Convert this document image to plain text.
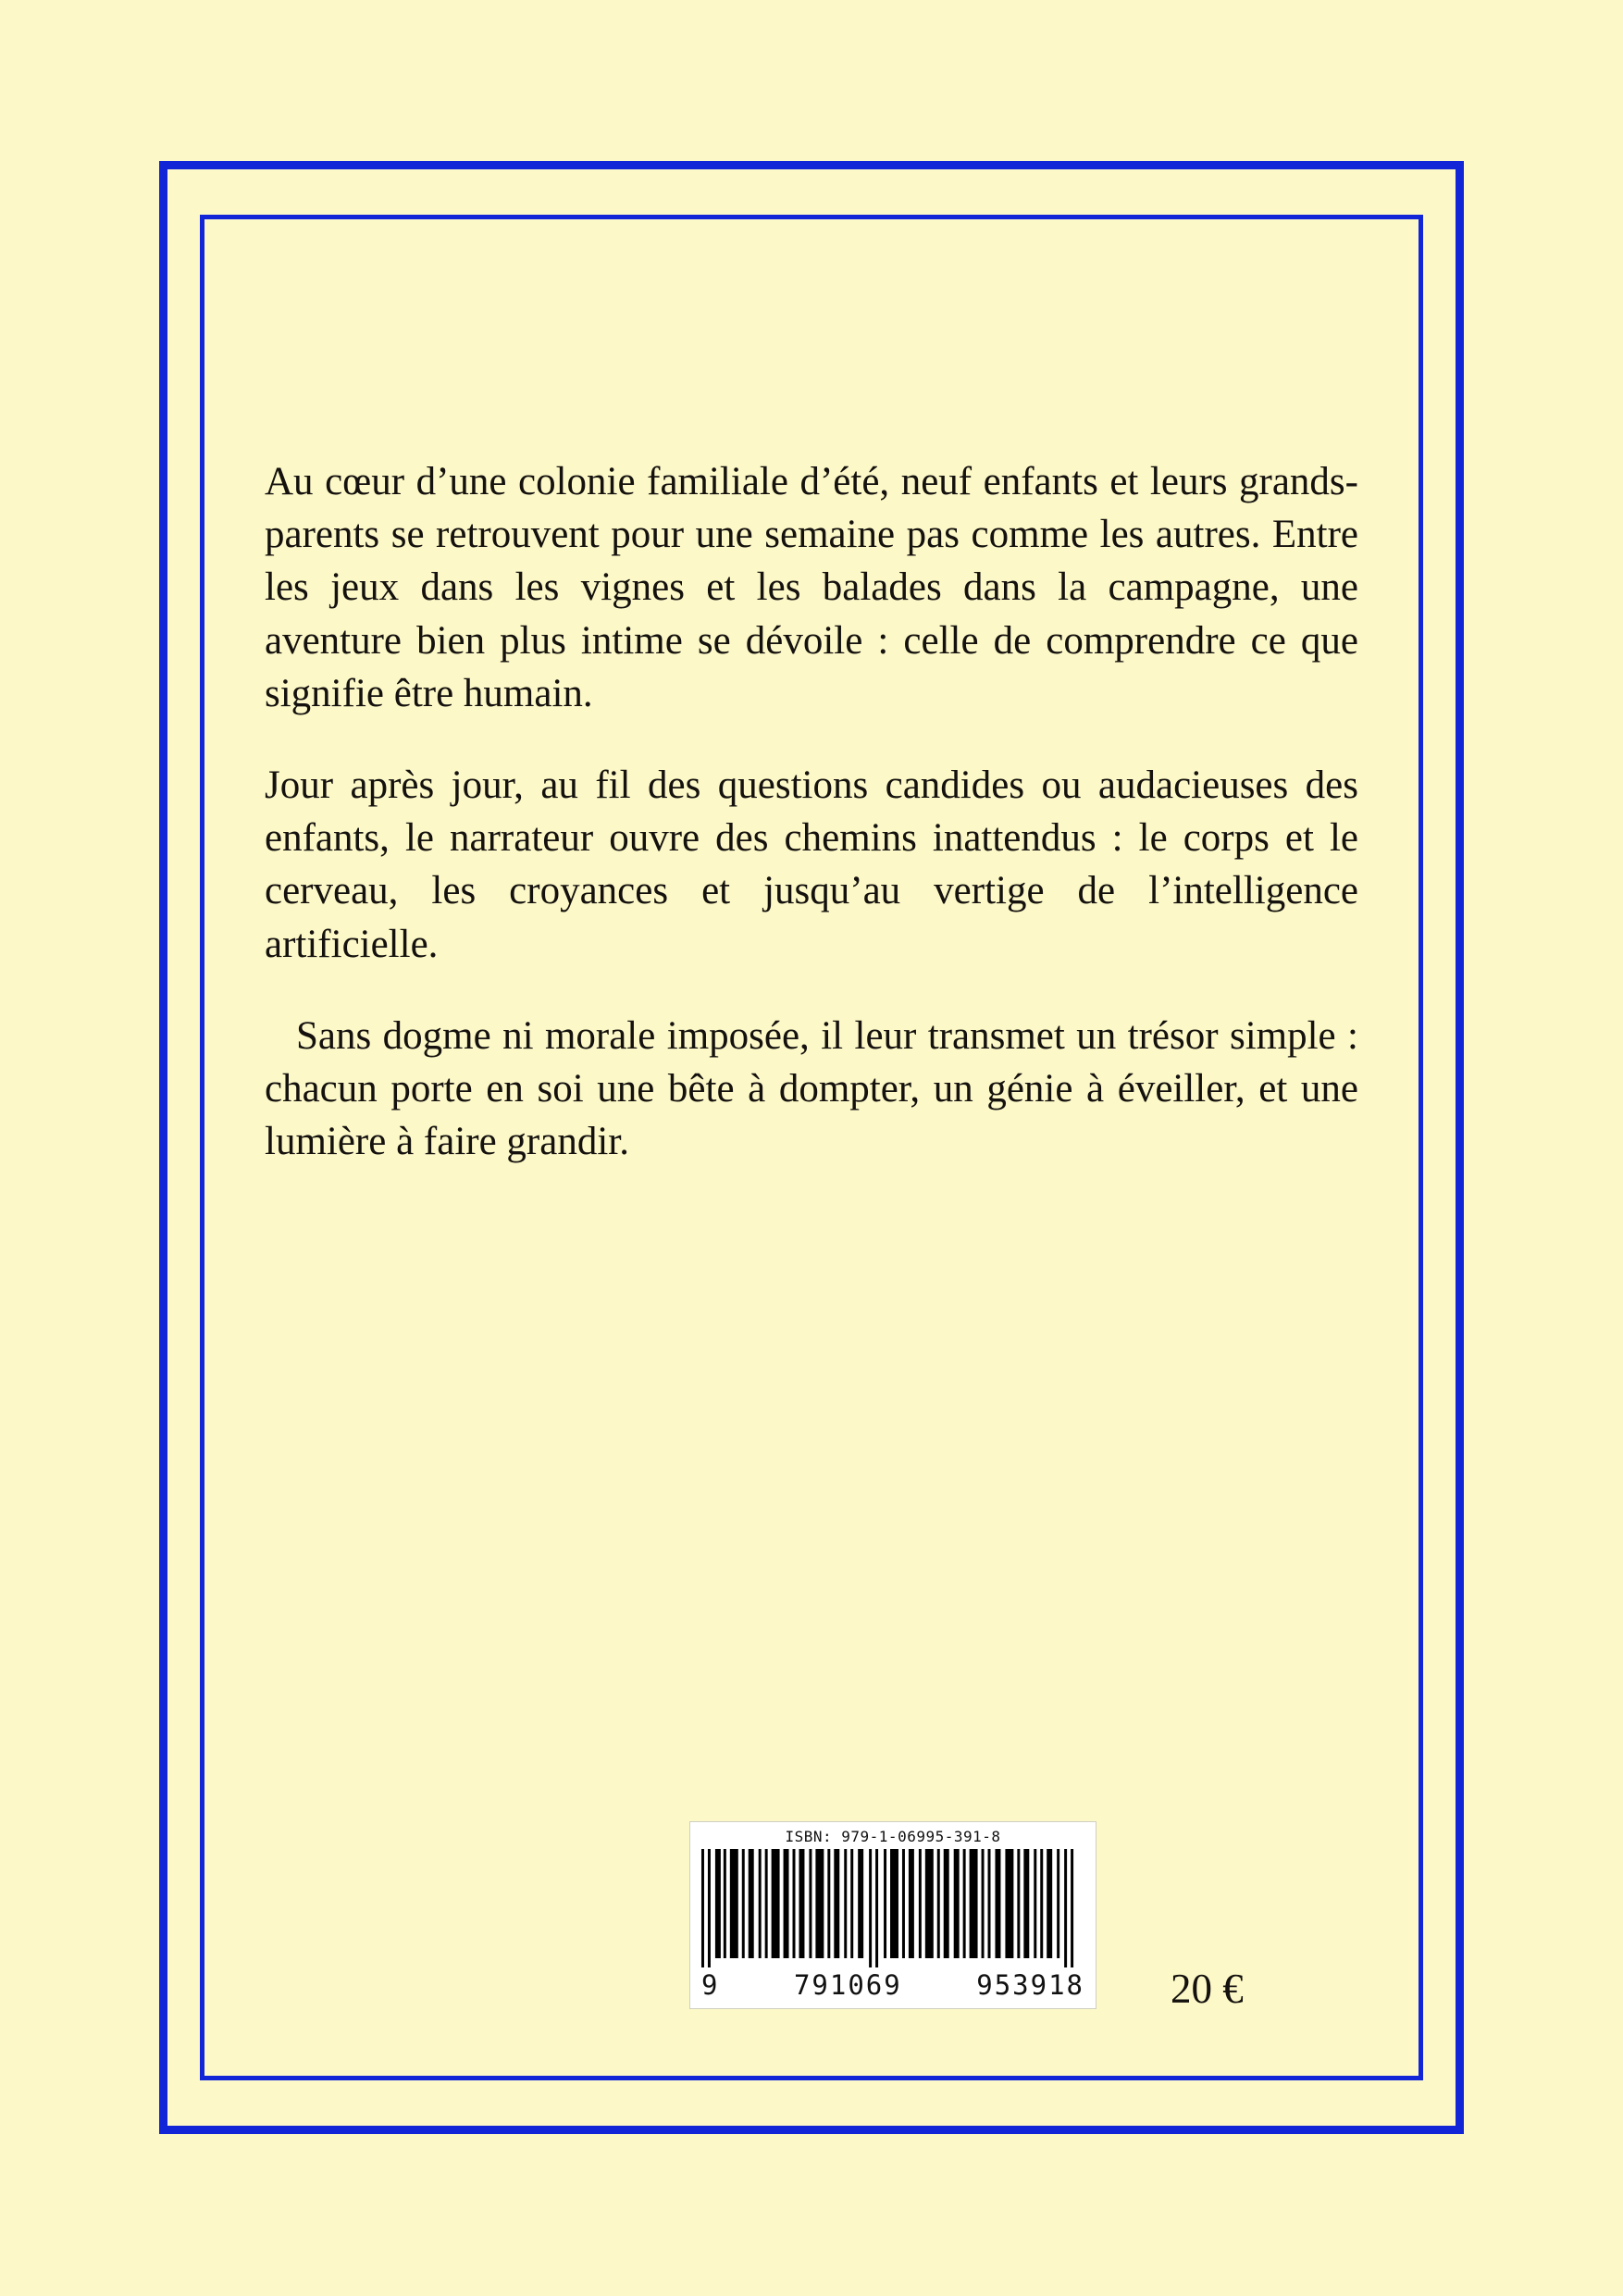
Au cœur d’une colonie familiale d’été, neuf enfants et leurs grands-parents se retrouvent pour une semaine pas comme les autres. Entre les jeux dans les vignes et les balades dans la campagne, une aventure bien plus intime se dévoile : celle de comprendre ce que signifie être humain.

Jour après jour, au fil des questions candides ou audacieuses des enfants, le narrateur ouvre des chemins inattendus : le corps et le cerveau, les croyances et jusqu’au vertige de l’intelligence artificielle.

Sans dogme ni morale imposée, il leur transmet un trésor simple : chacun porte en soi une bête à dompter, un génie à éveiller, et une lumière à faire grandir.

ISBN: 979-1-06995-391-8
9	791069	953918 20 €
